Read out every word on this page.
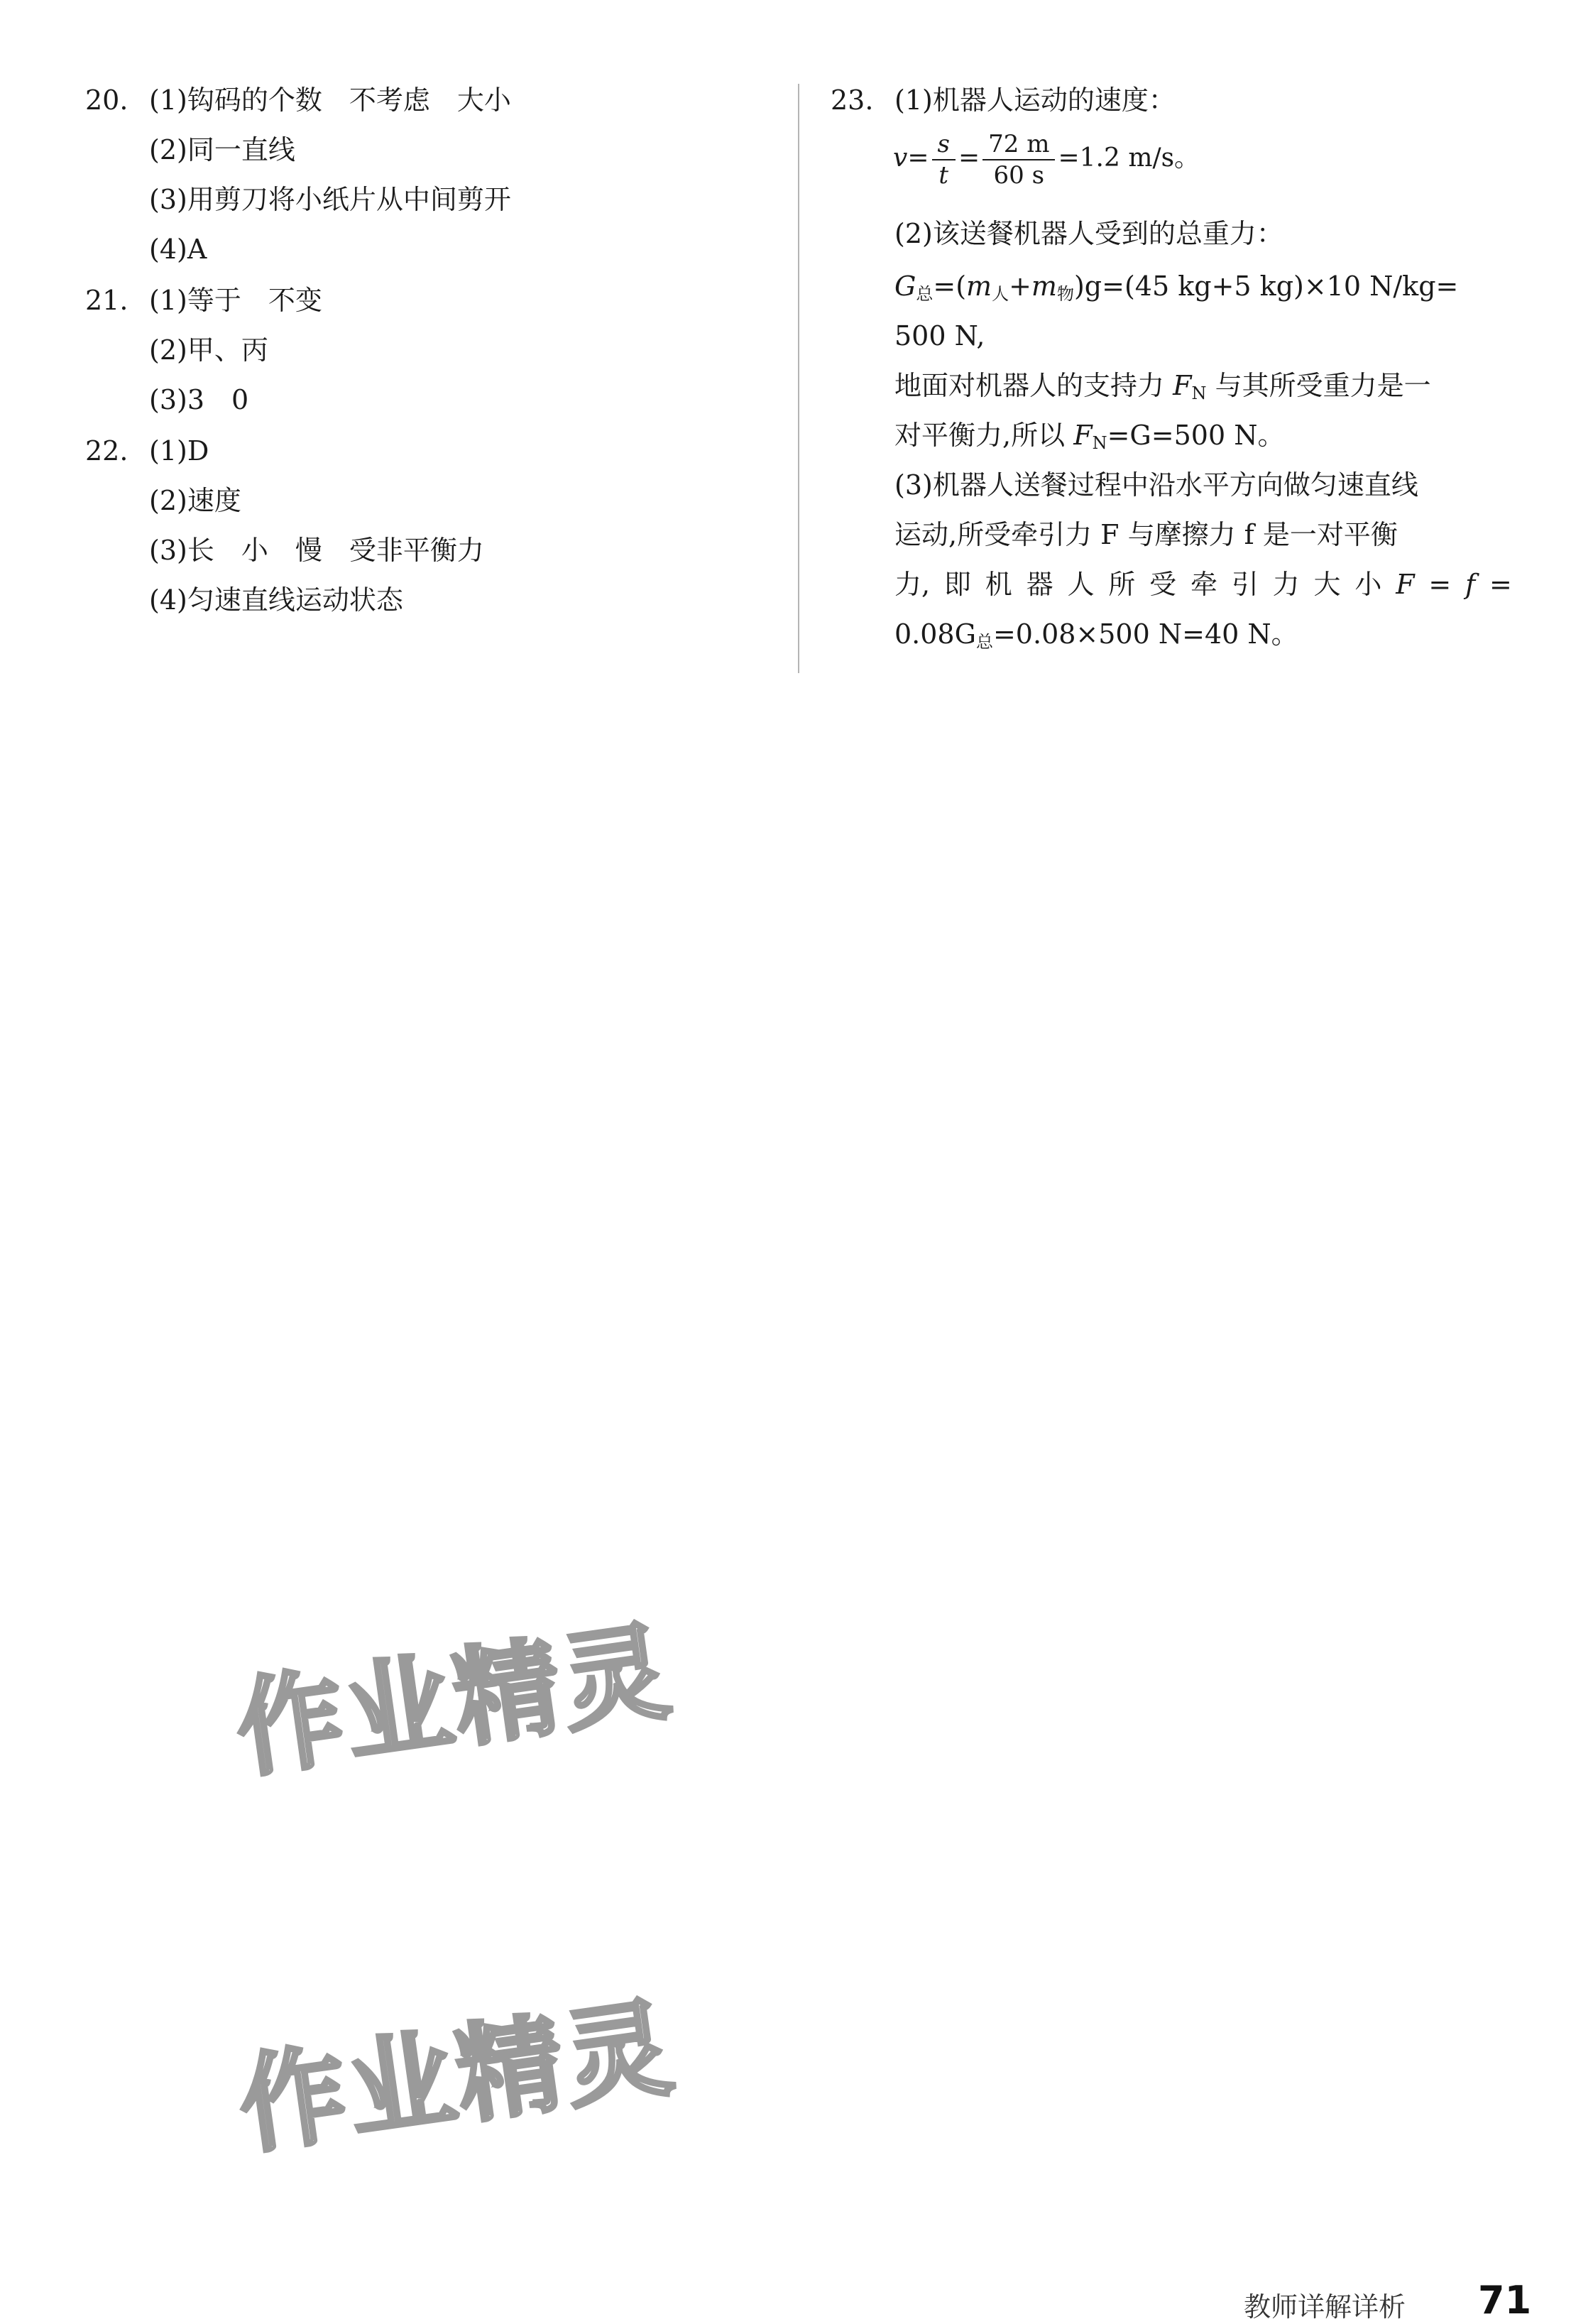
20. (1)钩码的个数　不考虑　大小
(2)同一直线
(3)用剪刀将小纸片从中间剪开
(4)A
21. (1)等于　不变
(2)甲、丙
(3)3　0
22. (1)D
(2)速度
(3)长　小　慢　受非平衡力
(4)匀速直线运动状态
23. (1)机器人运动的速度：
$v= \frac{s}{t} = \frac{72 m}{60 s} =1.2$ m/s。
(2)该送餐机器人受到的总重力：
G总=(m人+m物)g=(45 kg+5 kg)×10 N/kg=
500 N,
地面对机器人的支持力 FN 与其所受重力是一
对平衡力,所以 FN=G=500 N。
(3)机器人送餐过程中沿水平方向做匀速直线
运动,所受牵引力 F 与摩擦力 f 是一对平衡
力, 即 机 器 人 所 受 牵 引 力 大 小 F = f =
0.08G总=0.08×500 N=40 N。
作业精灵
作业精灵
教师详解详析 71
